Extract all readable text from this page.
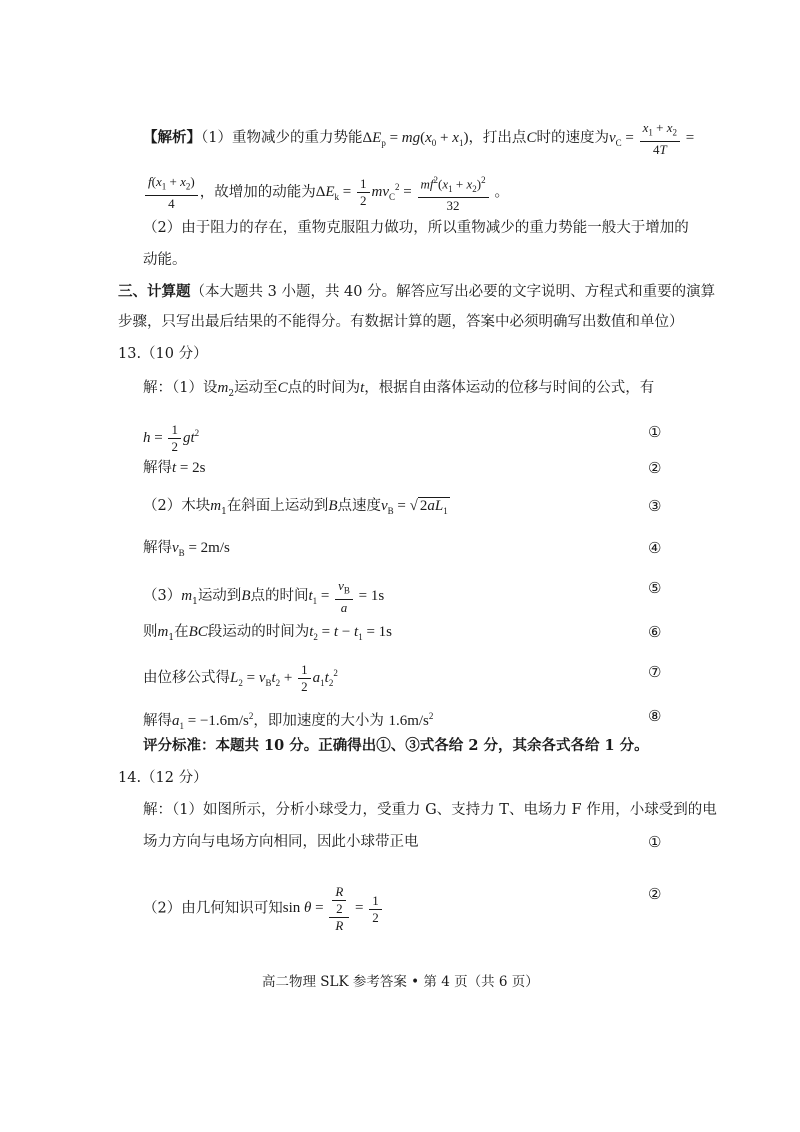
【解析】（1）重物减少的重力势能$\Delta E_p = mg(x_0 + x_1)$，打出点C时的速度为$v_C = \frac{x_1 + x_2}{4T}$ =
$\frac{f(x_1 + x_2)}{4}$ ，故增加的动能为$\Delta E_k = \frac{1}{2} mv_C^2 = \frac{mf^2(x_1 + x_2)^2}{32}$ 。
（2）由于阻力的存在，重物克服阻力做功，所以重物减少的重力势能一般大于增加的
动能。
三、计算题（本大题共 3 小题，共 40 分。解答应写出必要的文字说明、方程式和重要的演算
步骤，只写出最后结果的不能得分。有数据计算的题，答案中必须明确写出数值和单位）
13.（10 分）
解：（1）设$m_2$运动至C点的时间为t，根据自由落体运动的位移与时间的公式，有
$h = \frac{1}{2} gt^2$	①
解得t = 2s	②
（2）木块$m_1$在斜面上运动到B点速度$v_B$ = √ $2aL_1$	③
解得$v_B = 2m/s$	④
$(3)m_1$运动到B点的时间$t_1 = \frac{v_B}{a} = 1s$	⑤
则$m_1$在BC段运动的时间为$t_2 = t - t_1 = 1s$	⑥
由位移公式得$L_2 = v_Bt_2 + \frac{1}{2} a_1t_2^2$	⑦
解得$a_1 = -1.6m/s^2$，即加速度的大小为 $1.6m/s^2$	⑧
评分标准：本题共 10 分。正确得出①、③式各给 2 分，其余各式各给 1 分。
14.（12 分）
解：（1）如图所示，分析小球受力，受重力 G、支持力 T、电场力 F 作用，小球受到的电
场力方向与电场方向相同，因此小球带正电	①
（2）由几何知识可知$\sin \theta = \frac{\frac{R}{2}}{R} = \frac{1}{2}$	②
高二物理 SLK 参考答案 • 第 4 页（共 6 页）
